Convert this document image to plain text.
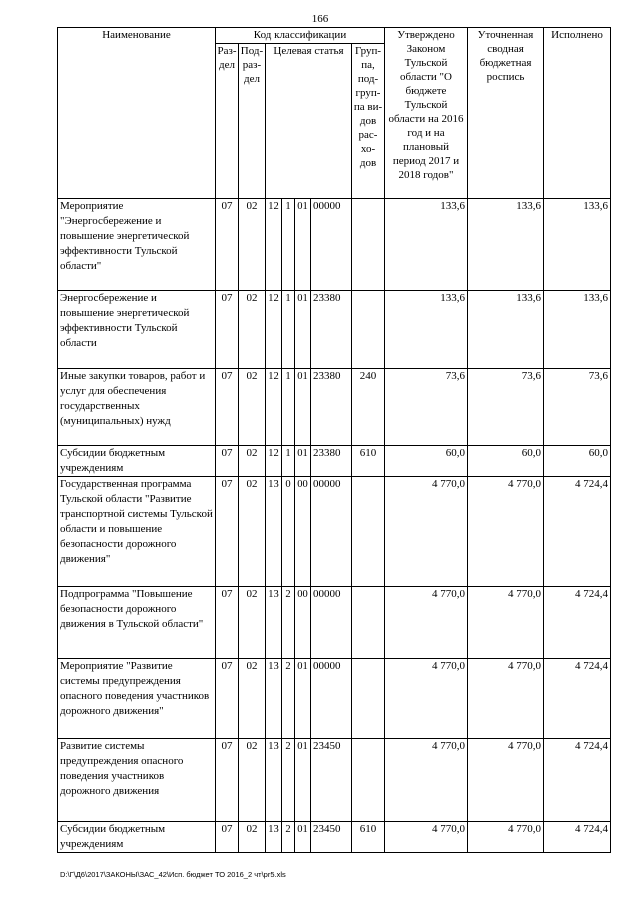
166
Наименование	Код классификации							Утверждено Законом Тульской области "О бюджете Тульской области на 2016 год и на плановый период 2017 и 2018 годов"	Уточненная сводная бюджетная роспись	Исполнено
	Раз-дел	Под-раз-дел	Целевая статья				Груп-па, под-груп-па ви-дов рас-хо-дов			
Мероприятие "Энергосбережение и повышение энергетической эффективности Тульской области"	07	02	12	1	01	00000		133,6	133,6	133,6
Энергосбережение и повышение энергетической эффективности Тульской области	07	02	12	1	01	23380		133,6	133,6	133,6
Иные закупки товаров, работ и услуг для обеспечения государственных (муниципальных) нужд	07	02	12	1	01	23380	240	73,6	73,6	73,6
Субсидии бюджетным учреждениям	07	02	12	1	01	23380	610	60,0	60,0	60,0
Государственная программа Тульской области "Развитие транспортной системы Тульской области и повышение безопасности дорожного движения"	07	02	13	0	00	00000		4 770,0	4 770,0	4 724,4
Подпрограмма "Повышение безопасности дорожного движения в Тульской области"	07	02	13	2	00	00000		4 770,0	4 770,0	4 724,4
Мероприятие "Развитие системы предупреждения опасного поведения участников дорожного движения"	07	02	13	2	01	00000		4 770,0	4 770,0	4 724,4
Развитие системы предупреждения опасного поведения участников дорожного движения	07	02	13	2	01	23450		4 770,0	4 770,0	4 724,4
Субсидии бюджетным учреждениям	07	02	13	2	01	23450	610	4 770,0	4 770,0	4 724,4
D:\Г\Д6\2017\ЗАКОНЫ\ЗАС_42\Исп. бюджет ТО 2016_2 чт\pr5.xls
